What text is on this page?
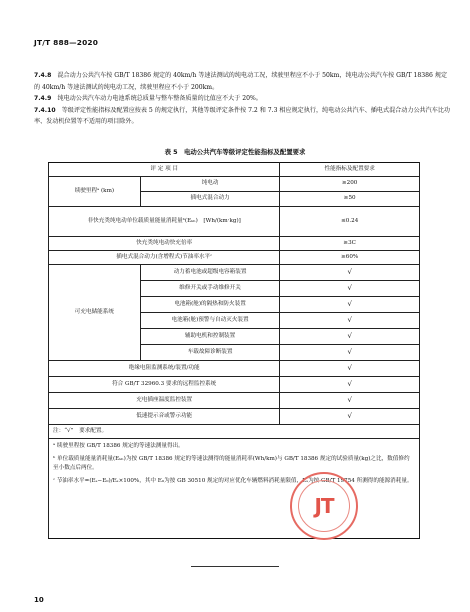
JT/T 888—2020

7.4.8　 混合动力公共汽车按 GB/T 18386 规定的 40km/h 等速法测试的纯电动工况，续驶里程应不小于 50km，纯电动公共汽车按 GB/T 18386 规定的 40km/h 等速法测试的纯电动工况，续驶里程应不小于 200km。

7.4.9　 纯电动公共汽车动力电池系统总质量与整车整备质量的比值应不大于 20%。

7.4.10　 等级评定性能指标及配置应按表 5 的规定执行，其他等级评定条件按 7.2 和 7.3 相应规定执行，纯电动公共汽车、插电式混合动力公共汽车比功率、发动机位置等不适用的项目除外。

表 5　电动公共汽车等级评定性能指标及配置要求
评 定 项 目		性能指标及配置要求
续驶里程ᵃ (km)	纯电动	≥200
	插电式混合动力	≥50
非快充类纯电动单位载质量能量消耗量ᵇ(Eₖₕ)　[Wh/(km·kg)]		≤0.24
快充类纯电动快充倍率		≥3C
插电式混合动力(含增程式)节油率水平ᶜ		≥60%
可充电储能系统	动力蓄电池或超级电容箱装置	√
	维修开关或手动维修开关	√
	电池箱(舱)的隔热和防火装置	√
	电池箱(舱)预警与自动灭火装置	√
	辅助电机和控制装置	√
	车载故障诊断装置	√
绝缘电阻监测系统/装置/功能		√
符合 GB/T 32960.3 要求的远程监控系统		√
充电插座温度监控装置		√
低速提示音或警示功能		√
注：“√”　要求配置。		

ᵃ 续驶里程按 GB/T 18386 规定的等速法测量得出。

ᵇ 单位载质量能量消耗量(Eₖₕ)为按 GB/T 18386 规定的等速法测得的能量消耗率(Wh/km)与 GB/T 18386 规定的试验质量(kg)之比，数值修约至小数点后两位。

ᶜ 节油率水平=(Eₛ−E₀)/Eₛ×100%，其中 E₀为按 GB 30510 规定的对应优化车辆燃料消耗量限值，Eₛ为按 GB/T 19754 所测得的能源消耗量。		

JT
10
